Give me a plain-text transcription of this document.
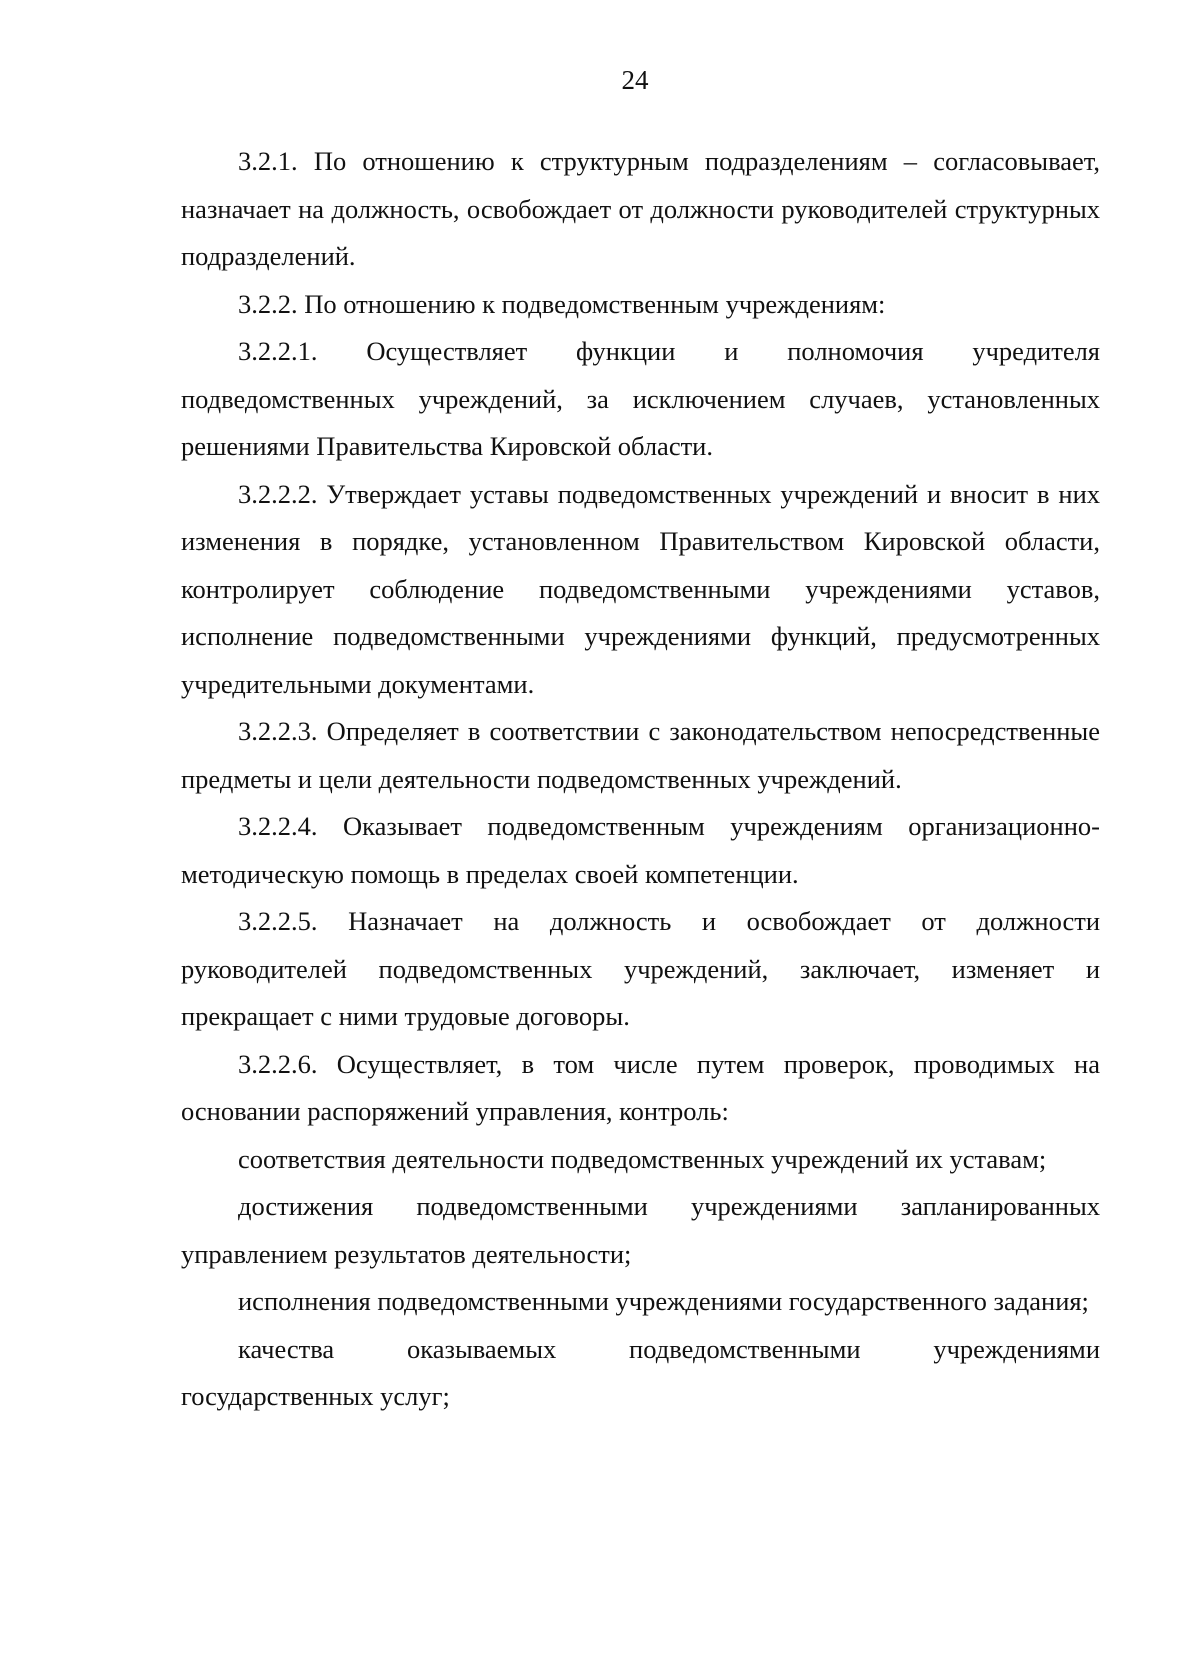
24

3.2.1. По отношению к структурным подразделениям – согласовывает, назначает на должность, освобождает от должности руководителей структурных подразделений.

3.2.2. По отношению к подведомственным учреждениям:

3.2.2.1. Осуществляет функции и полномочия учредителя подведомственных учреждений, за исключением случаев, установленных решениями Правительства Кировской области.

3.2.2.2. Утверждает уставы подведомственных учреждений и вносит в них изменения в порядке, установленном Правительством Кировской области, контролирует соблюдение подведомственными учреждениями уставов, исполнение подведомственными учреждениями функций, предусмотренных учредительными документами.

3.2.2.3. Определяет в соответствии с законодательством непосредственные предметы и цели деятельности подведомственных учреждений.

3.2.2.4. Оказывает подведомственным учреждениям организационно-методическую помощь в пределах своей компетенции.

3.2.2.5. Назначает на должность и освобождает от должности руководителей подведомственных учреждений, заключает, изменяет и прекращает с ними трудовые договоры.

3.2.2.6. Осуществляет, в том числе путем проверок, проводимых на основании распоряжений управления, контроль:

соответствия деятельности подведомственных учреждений их уставам;

достижения подведомственными учреждениями запланированных управлением результатов деятельности;

исполнения подведомственными учреждениями государственного задания;

качества оказываемых подведомственными учреждениями государственных услуг;
